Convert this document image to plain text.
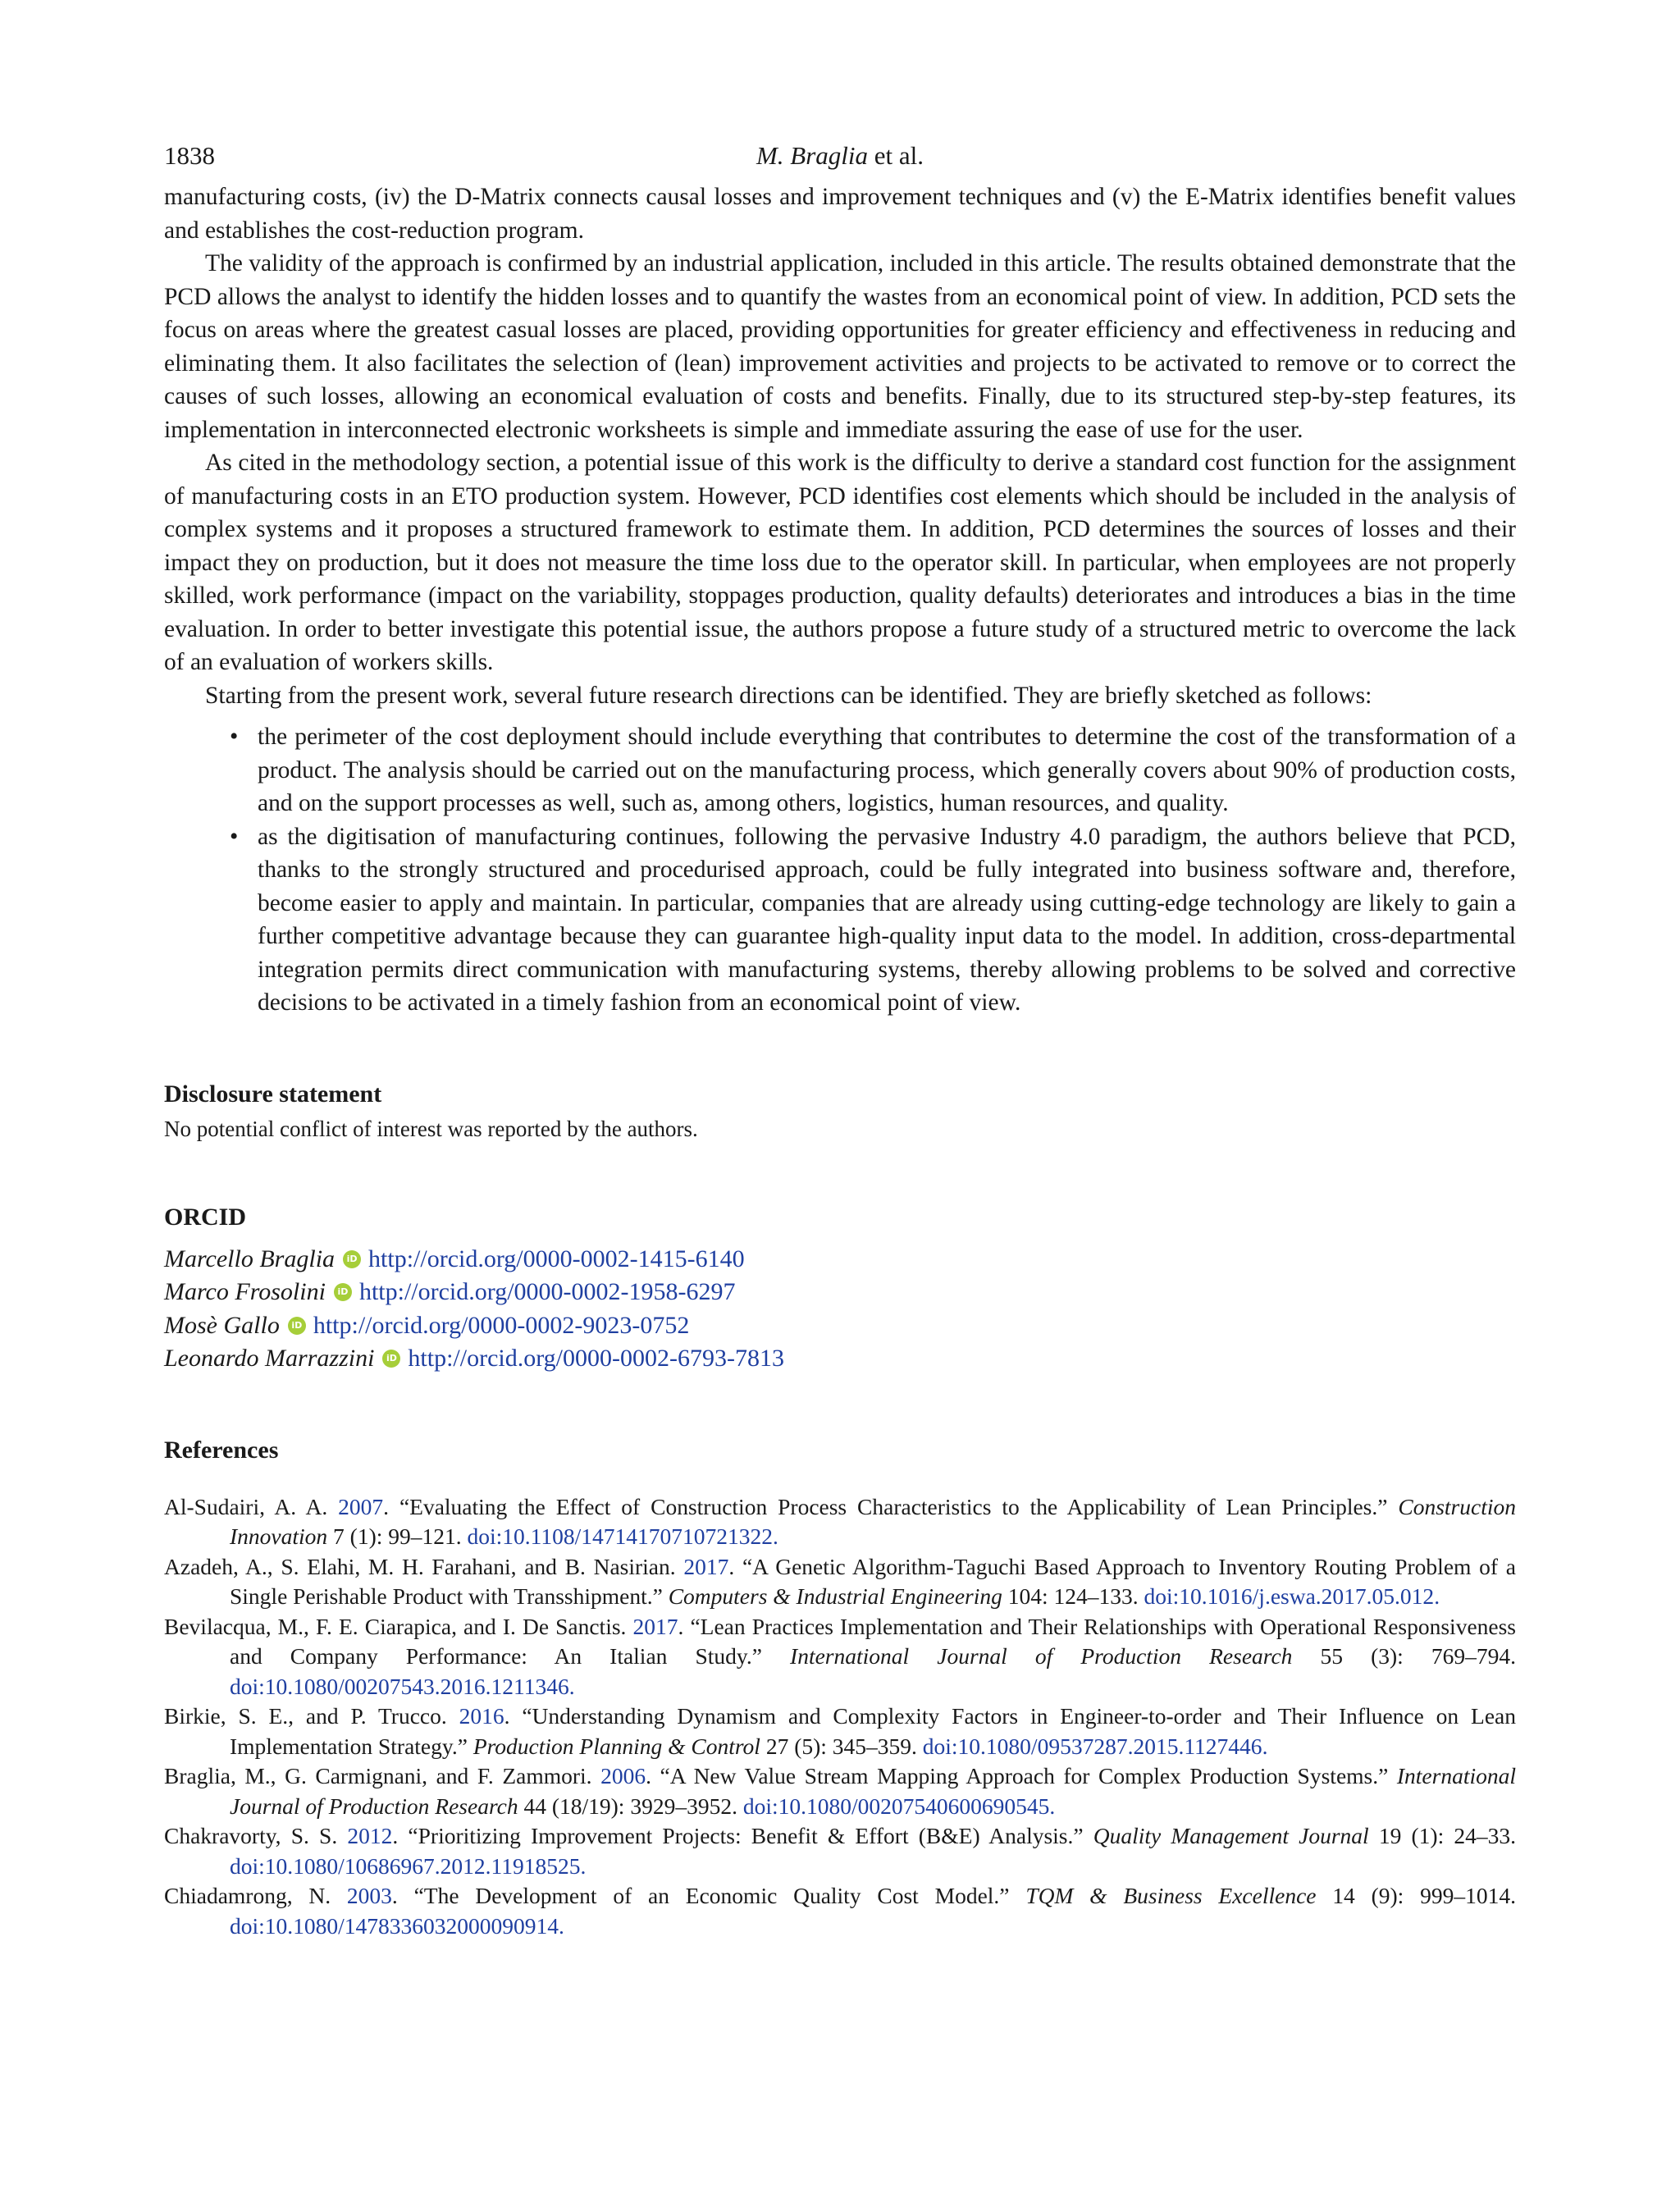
1838	M. Braglia et al.

manufacturing costs, (iv) the D-Matrix connects causal losses and improvement techniques and (v) the E-Matrix identifies benefit values and establishes the cost-reduction program.

The validity of the approach is confirmed by an industrial application, included in this article. The results obtained demonstrate that the PCD allows the analyst to identify the hidden losses and to quantify the wastes from an economical point of view. In addition, PCD sets the focus on areas where the greatest casual losses are placed, providing opportunities for greater efficiency and effectiveness in reducing and eliminating them. It also facilitates the selection of (lean) improvement activities and projects to be activated to remove or to correct the causes of such losses, allowing an economical evaluation of costs and benefits. Finally, due to its structured step-by-step features, its implementation in interconnected electronic worksheets is simple and immediate assuring the ease of use for the user.

As cited in the methodology section, a potential issue of this work is the difficulty to derive a standard cost function for the assignment of manufacturing costs in an ETO production system. However, PCD identifies cost elements which should be included in the analysis of complex systems and it proposes a structured framework to estimate them. In addition, PCD determines the sources of losses and their impact they on production, but it does not measure the time loss due to the operator skill. In particular, when employees are not properly skilled, work performance (impact on the variability, stoppages production, quality defaults) deteriorates and introduces a bias in the time evaluation. In order to better investigate this potential issue, the authors propose a future study of a structured metric to overcome the lack of an evaluation of workers skills.

Starting from the present work, several future research directions can be identified. They are briefly sketched as follows:

• the perimeter of the cost deployment should include everything that contributes to determine the cost of the transformation of a product. The analysis should be carried out on the manufacturing process, which generally covers about 90% of production costs, and on the support processes as well, such as, among others, logistics, human resources, and quality.
• as the digitisation of manufacturing continues, following the pervasive Industry 4.0 paradigm, the authors believe that PCD, thanks to the strongly structured and procedurised approach, could be fully integrated into business software and, therefore, become easier to apply and maintain. In particular, companies that are already using cutting-edge technology are likely to gain a further competitive advantage because they can guarantee high-quality input data to the model. In addition, cross-departmental integration permits direct communication with manufacturing systems, thereby allowing problems to be solved and corrective decisions to be activated in a timely fashion from an economical point of view.
Disclosure statement
No potential conflict of interest was reported by the authors.
ORCID
Marcello Braglia	iD http://orcid.org/0000-0002-1415-6140
Marco Frosolini	iD http://orcid.org/0000-0002-1958-6297
Mosè Gallo	iD http://orcid.org/0000-0002-9023-0752
Leonardo Marrazzini	iD http://orcid.org/0000-0002-6793-7813
References

Al-Sudairi, A. A. 2007. “Evaluating the Effect of Construction Process Characteristics to the Applicability of Lean Principles.” Construction Innovation 7 (1): 99–121. doi:10.1108/14714170710721322.

Azadeh, A., S. Elahi, M. H. Farahani, and B. Nasirian. 2017. “A Genetic Algorithm-Taguchi Based Approach to Inventory Routing Problem of a Single Perishable Product with Transshipment.” Computers & Industrial Engineering 104: 124–133. doi:10.1016/j.eswa.2017.05.012.

Bevilacqua, M., F. E. Ciarapica, and I. De Sanctis. 2017. “Lean Practices Implementation and Their Relationships with Operational Responsiveness and Company Performance: An Italian Study.” International Journal of Production Research 55 (3): 769–794. doi:10.1080/00207543.2016.1211346.

Birkie, S. E., and P. Trucco. 2016. “Understanding Dynamism and Complexity Factors in Engineer-to-order and Their Influence on Lean Implementation Strategy.” Production Planning & Control 27 (5): 345–359. doi:10.1080/09537287.2015.1127446.

Braglia, M., G. Carmignani, and F. Zammori. 2006. “A New Value Stream Mapping Approach for Complex Production Systems.” International Journal of Production Research 44 (18/19): 3929–3952. doi:10.1080/00207540600690545.

Chakravorty, S. S. 2012. “Prioritizing Improvement Projects: Benefit & Effort (B&E) Analysis.” Quality Management Journal 19 (1): 24–33. doi:10.1080/10686967.2012.11918525.

Chiadamrong, N. 2003. “The Development of an Economic Quality Cost Model.” TQM & Business Excellence 14 (9): 999–1014. doi:10.1080/1478336032000090914.
